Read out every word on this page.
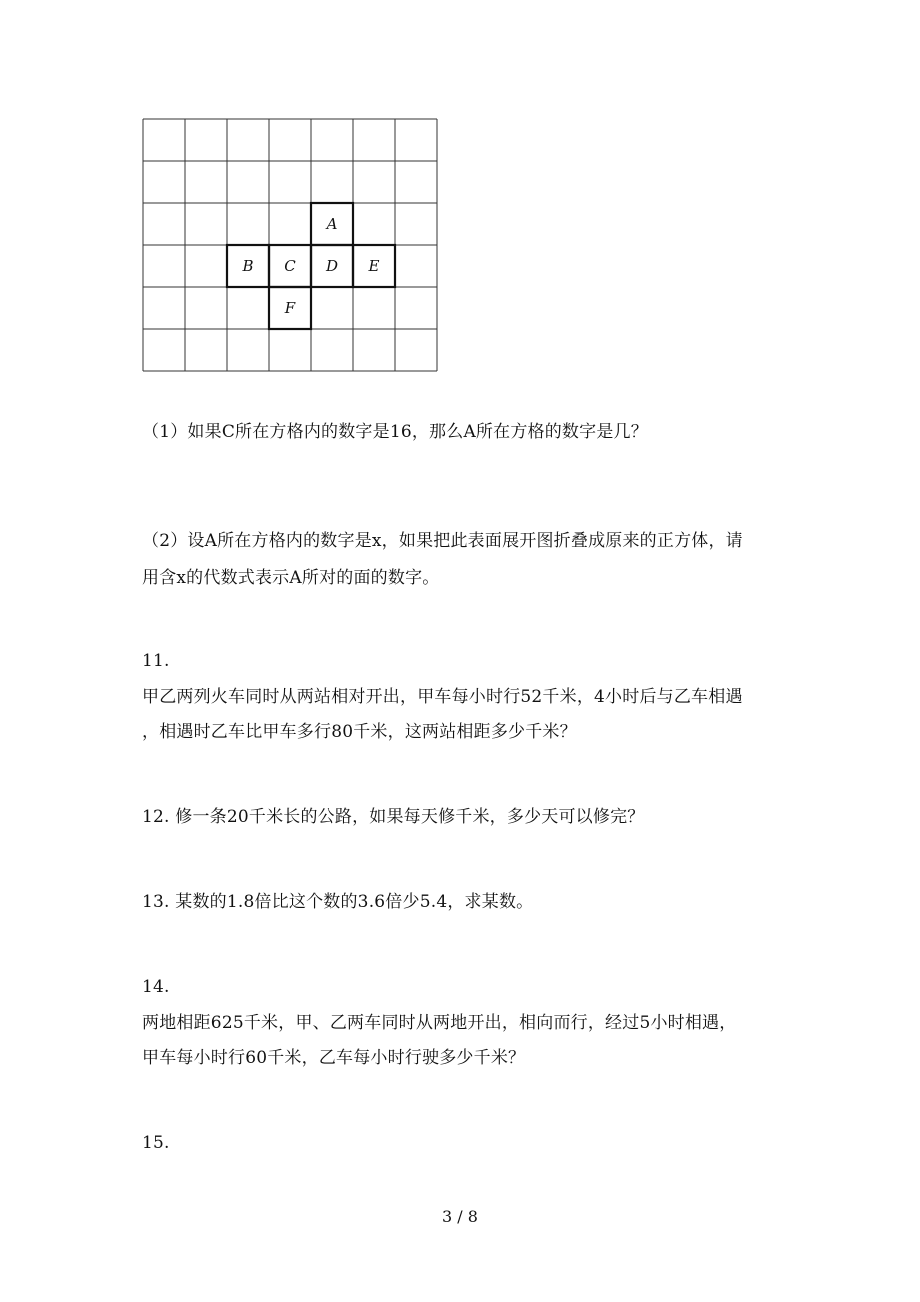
A
B C D E
F
（1）如果C所在方格内的数字是16，那么A所在方格的数字是几？
（2）设A所在方格内的数字是x，如果把此表面展开图折叠成原来的正方体，请
用含x的代数式表示A所对的面的数字。
11.
甲乙两列火车同时从两站相对开出，甲车每小时行52千米，4小时后与乙车相遇
，相遇时乙车比甲车多行80千米，这两站相距多少千米？
12. 修一条20千米长的公路，如果每天修千米，多少天可以修完？
13. 某数的1.8倍比这个数的3.6倍少5.4，求某数。
14.
两地相距625千米，甲、乙两车同时从两地开出，相向而行，经过5小时相遇，
甲车每小时行60千米，乙车每小时行驶多少千米？
15.
3 / 8
